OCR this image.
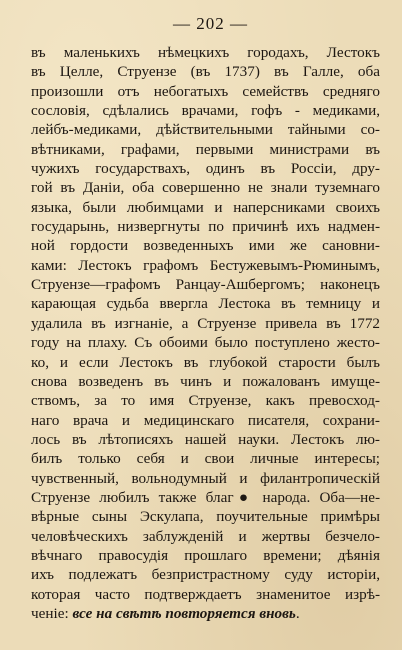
— 202 —
въ маленькихъ нѣмецкихъ городахъ, Лестокъ
въ Целле, Струензе (въ 1737) въ Галле, оба
произошли отъ небогатыхъ семействъ средняго
сословія, сдѣлались врачами, гофъ - медиками,
лейбъ-медиками, дѣйствительными тайными со-
вѣтниками, графами, первыми министрами въ
чужихъ государствахъ, одинъ въ Россіи, дру-
гой въ Даніи, оба совершенно не знали туземнаго
языка, были любимцами и наперсниками своихъ
государынь, низвергнуты по причинѣ ихъ надмен-
ной гордости возведенныхъ ими же сановни-
ками: Лестокъ графомъ Бестужевымъ-Рюминымъ,
Струензе—графомъ Ранцау-Ашбергомъ; наконецъ
карающая судьба ввергла Лестока въ темницу и
удалила въ изгнаніе, а Струензе привела въ 1772
году на плаху. Съ обоими было поступлено жесто-
ко, и если Лестокъ въ глубокой старости былъ
снова возведенъ въ чинъ и пожалованъ имуще-
ствомъ, за то имя Струензе, какъ превосход-
наго врача и медицинскаго писателя, сохрани-
лось въ лѣтописяхъ нашей науки. Лестокъ лю-
билъ только себя и свои личные интересы;
чувственный, вольнодумный и филантропическій
Струензе любилъ также благ● народа. Оба—не-
вѣрные сыны Эскулапа, поучительные примѣры
человѣческихъ заблужденій и жертвы безчело-
вѣчнаго правосудія прошлаго времени; дѣянія
ихъ подлежатъ безпристрастному суду исторіи,
которая часто подтверждаетъ знаменитое изрѣ-
ченіе: все на свѣтѣ повторяется вновь.
